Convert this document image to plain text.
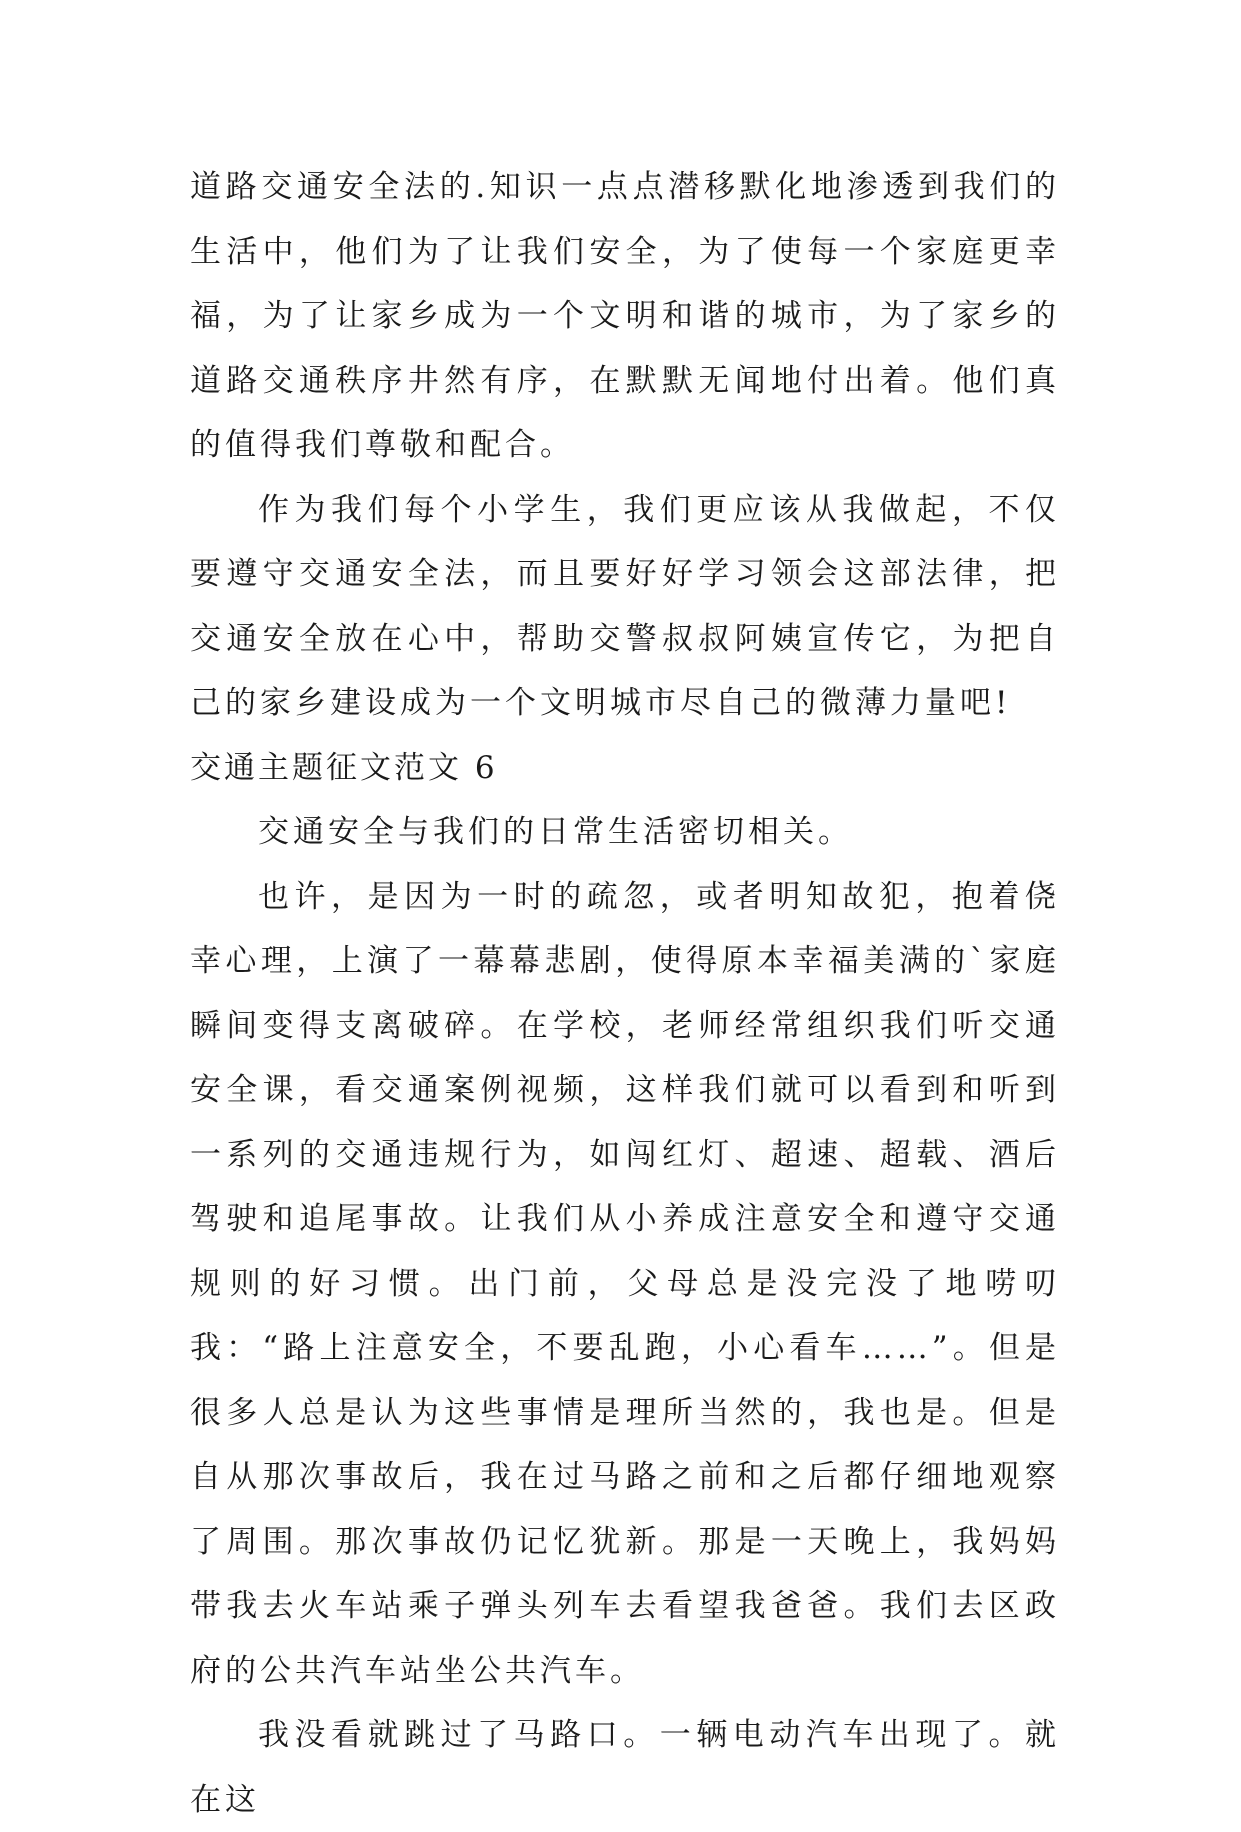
道路交通安全法的.知识一点点潜移默化地渗透到我们的生活中，他们为了让我们安全，为了使每一个家庭更幸福，为了让家乡成为一个文明和谐的城市，为了家乡的道路交通秩序井然有序，在默默无闻地付出着。他们真的值得我们尊敬和配合。

作为我们每个小学生，我们更应该从我做起，不仅要遵守交通安全法，而且要好好学习领会这部法律，把交通安全放在心中，帮助交警叔叔阿姨宣传它，为把自己的家乡建设成为一个文明城市尽自己的微薄力量吧!

交通主题征文范文 6

交通安全与我们的日常生活密切相关。

也许，是因为一时的疏忽，或者明知故犯，抱着侥幸心理，上演了一幕幕悲剧，使得原本幸福美满的`家庭瞬间变得支离破碎。在学校，老师经常组织我们听交通安全课，看交通案例视频，这样我们就可以看到和听到一系列的交通违规行为，如闯红灯、超速、超载、酒后驾驶和追尾事故。让我们从小养成注意安全和遵守交通规则的好习惯。出门前，父母总是没完没了地唠叨我：“路上注意安全，不要乱跑，小心看车……”。但是很多人总是认为这些事情是理所当然的，我也是。但是自从那次事故后，我在过马路之前和之后都仔细地观察了周围。那次事故仍记忆犹新。那是一天晚上，我妈妈带我去火车站乘子弹头列车去看望我爸爸。我们去区政府的公共汽车站坐公共汽车。

我没看就跳过了马路口。一辆电动汽车出现了。就在这
